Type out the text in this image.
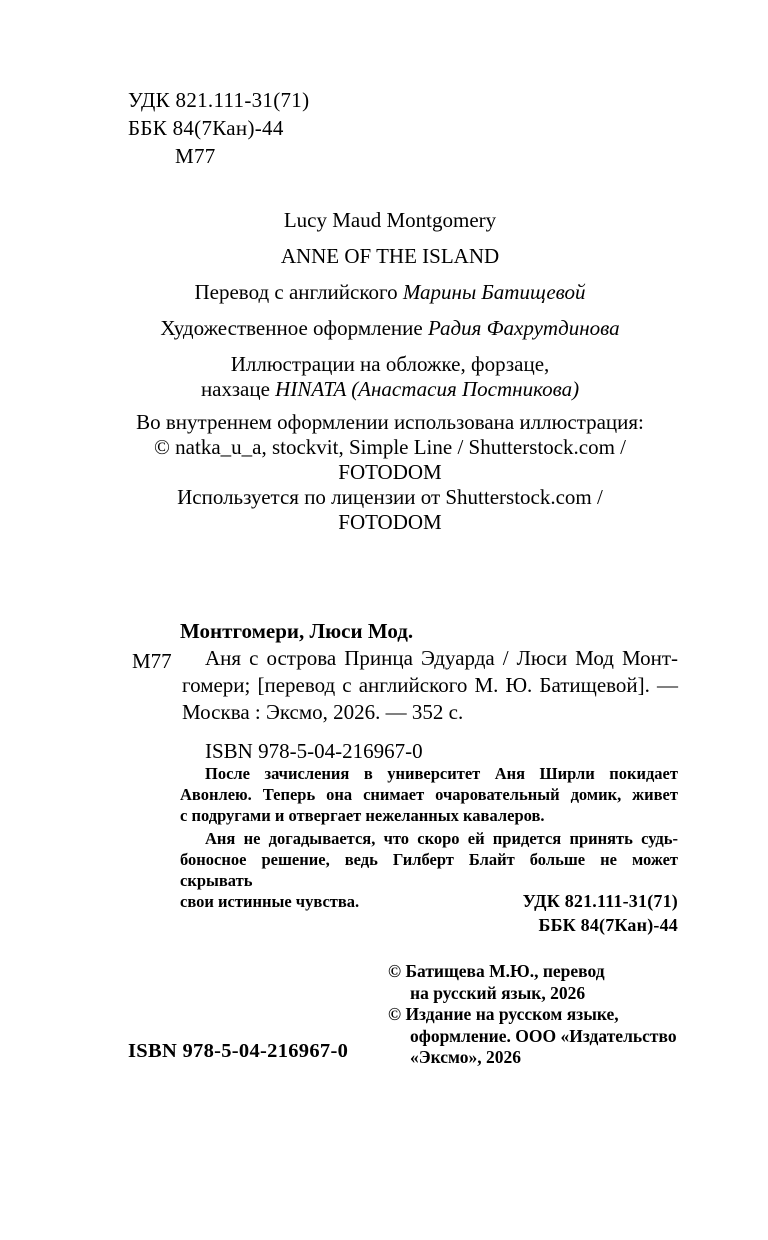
УДК 821.111-31(71)
ББК 84(7Кан)-44
М77
Lucy Maud Montgomery
ANNE OF THE ISLAND
Перевод с английского Марины Батищевой
Художественное оформление Радия Фахрутдинова
Иллюстрации на обложке, форзаце,
нахзаце HINATA (Анастасия Постникова)
Во внутреннем оформлении использована иллюстрация:
© natka_u_a, stockvit, Simple Line / Shutterstock.com /
FOTODOM
Используется по лицензии от Shutterstock.com /
FOTODOM
Монтгомери, Люси Мод.
М77	Аня с острова Принца Эдуарда / Люси Мод Монт-
гомери; [перевод с английского М. Ю. Батищевой]. —
Москва : Эксмо, 2026. — 352 с.
ISBN 978-5-04-216967-0

После зачисления в университет Аня Ширли покидает
Авонлею. Теперь она снимает очаровательный домик, живет
с подругами и отвергает нежеланных кавалеров.

Аня не догадывается, что скоро ей придется принять судь-
боносное решение, ведь Гилберт Блайт больше не может скрывать
свои истинные чувства.	УДК 821.111-31(71)
ББК 84(7Кан)-44
© Батищева М.Ю., перевод
на русский язык, 2026
© Издание на русском языке,
оформление. ООО «Издательство
«Эксмо», 2026
ISBN 978-5-04-216967-0
